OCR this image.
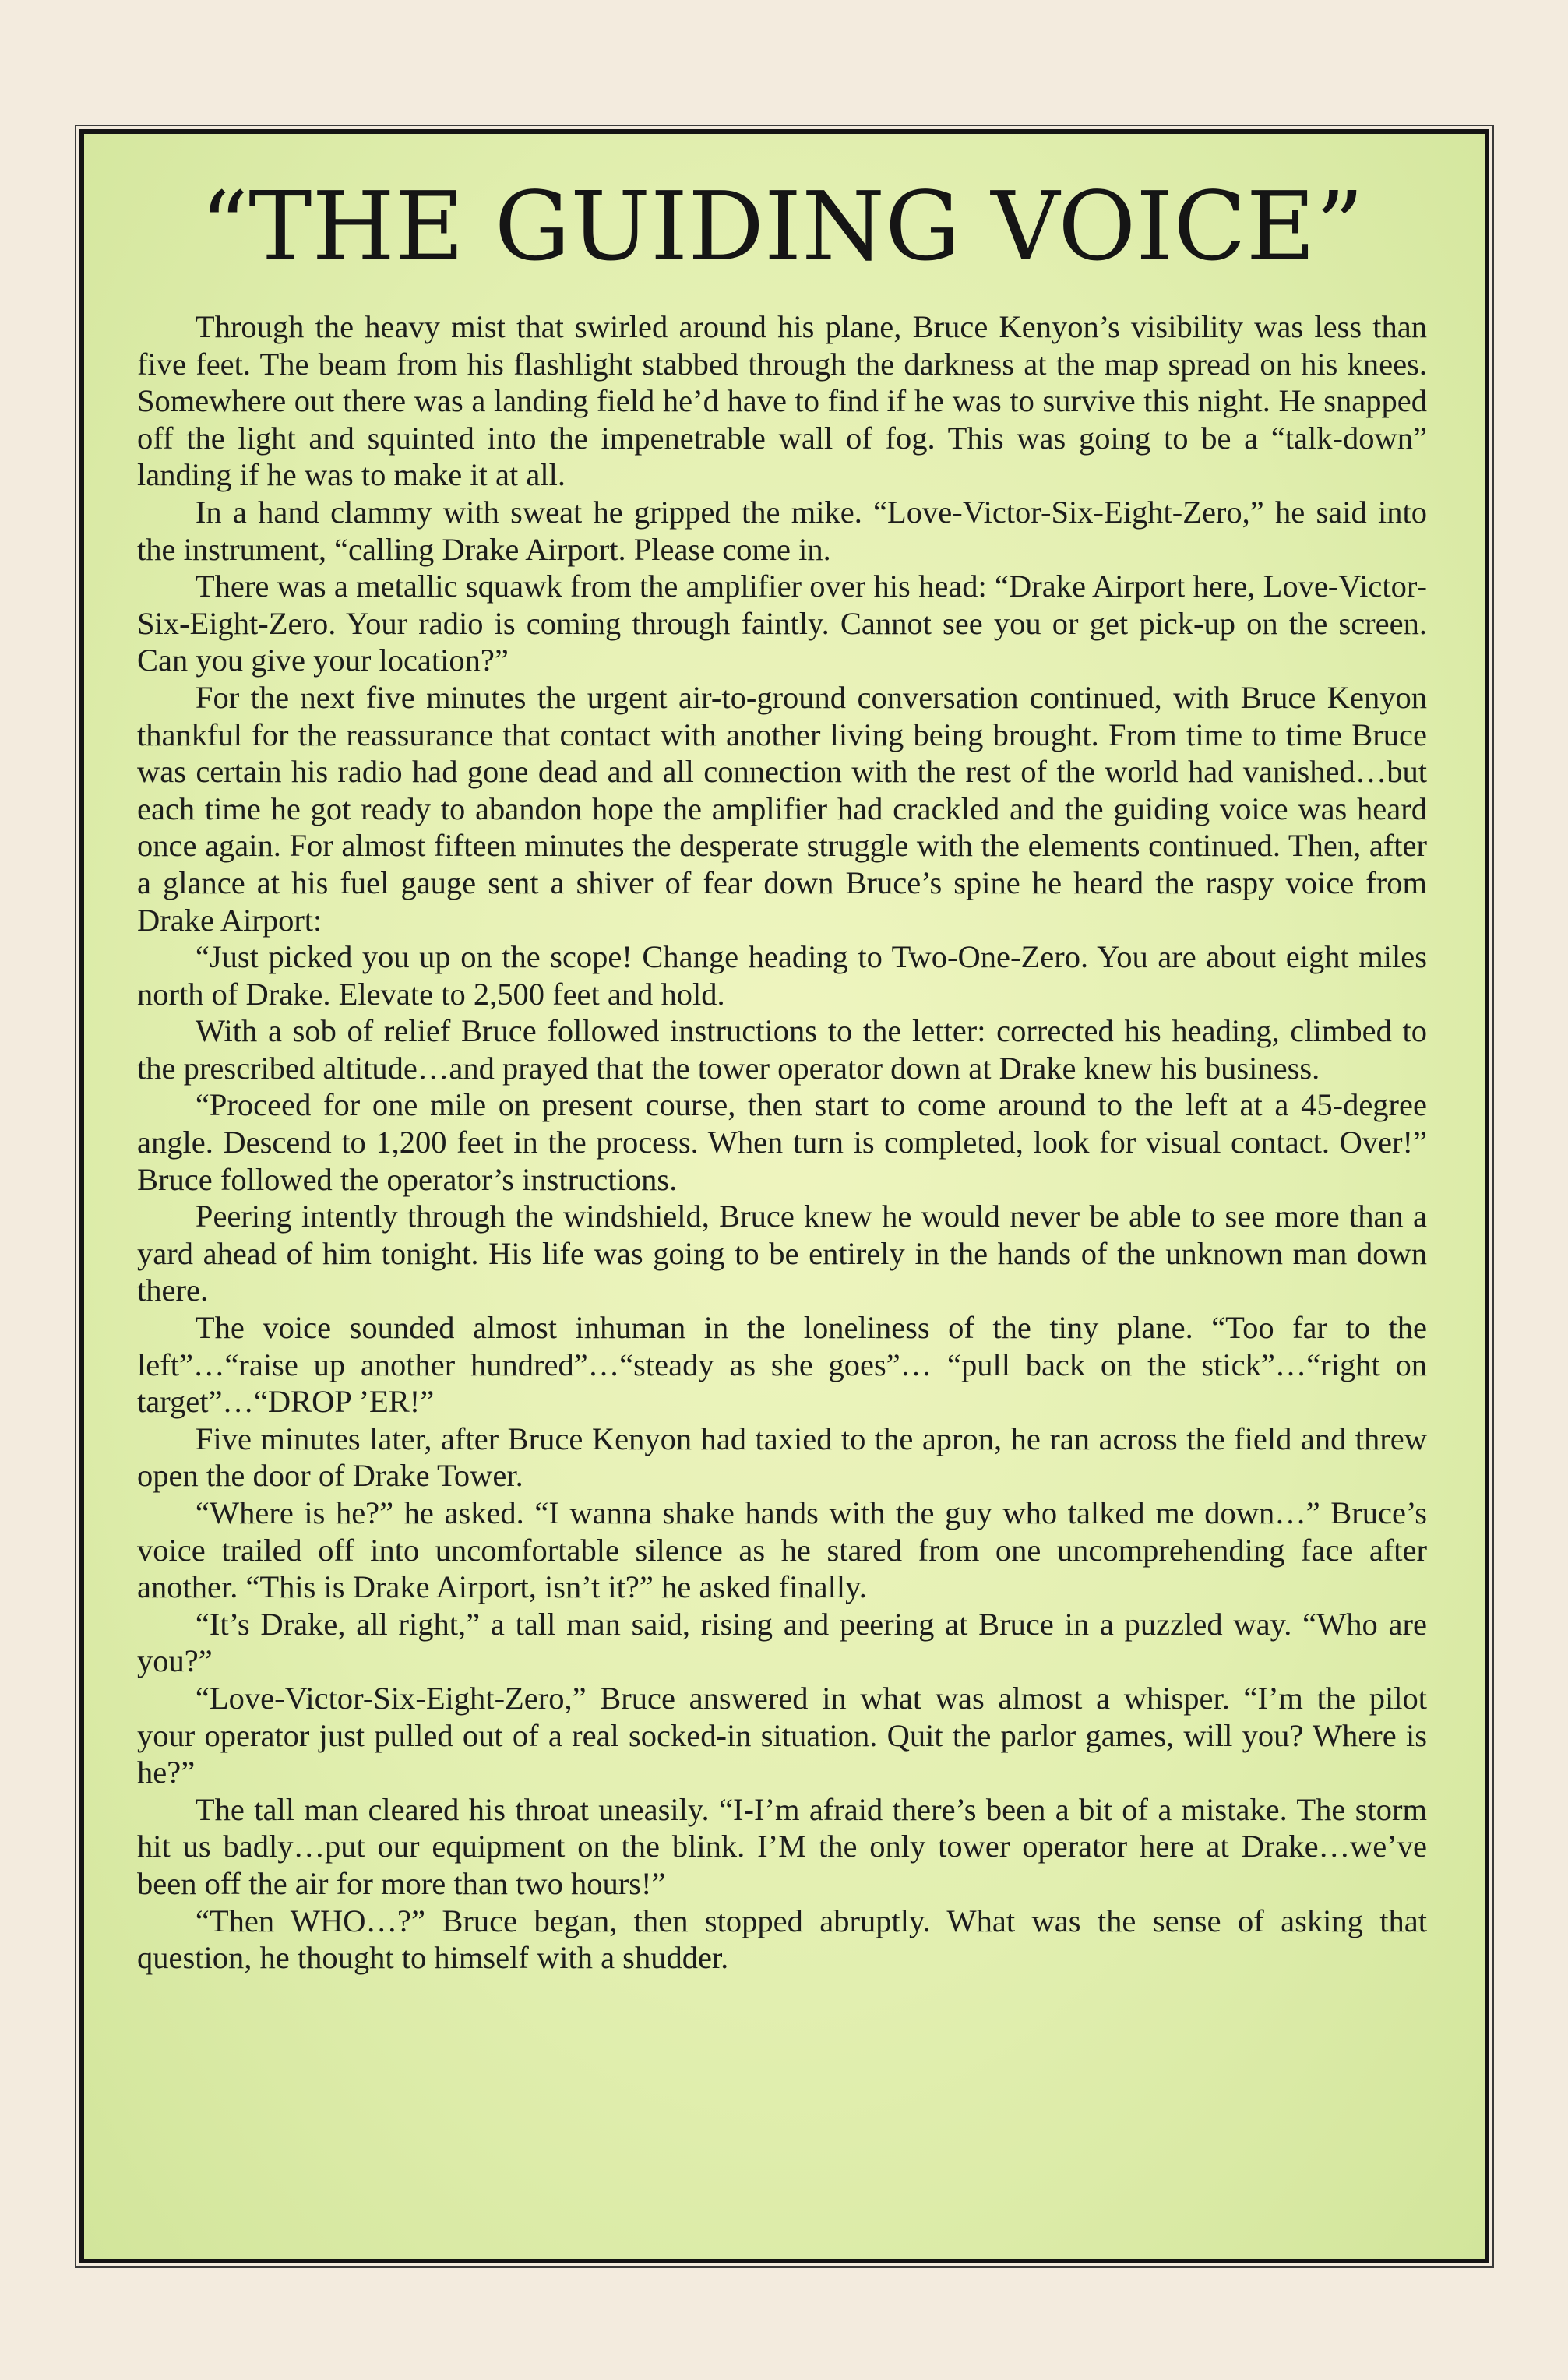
“THE GUIDING VOICE”

Through the heavy mist that swirled around his plane, Bruce Kenyon’s visibility was less than five feet. The beam from his flashlight stabbed through the darkness at the map spread on his knees. Somewhere out there was a landing field he’d have to find if he was to survive this night. He snapped off the light and squinted into the impenetrable wall of fog. This was going to be a “talk-down” landing if he was to make it at all.

In a hand clammy with sweat he gripped the mike. “Love-Victor-Six-Eight-Zero,” he said into the instrument, “calling Drake Airport. Please come in.

There was a metallic squawk from the amplifier over his head: “Drake Airport here, Love-Victor-Six-Eight-Zero. Your radio is coming through faintly. Cannot see you or get pick-up on the screen. Can you give your location?”

For the next five minutes the urgent air-to-ground conversation continued, with Bruce Kenyon thankful for the reassurance that contact with another living being brought. From time to time Bruce was certain his radio had gone dead and all connection with the rest of the world had vanished…but each time he got ready to abandon hope the amplifier had crackled and the guiding voice was heard once again. For almost fifteen minutes the desperate struggle with the elements continued. Then, after a glance at his fuel gauge sent a shiver of fear down Bruce’s spine he heard the raspy voice from Drake Airport:

“Just picked you up on the scope! Change heading to Two-One-Zero. You are about eight miles north of Drake. Elevate to 2,500 feet and hold.

With a sob of relief Bruce followed instructions to the letter: corrected his heading, climbed to the prescribed altitude…and prayed that the tower operator down at Drake knew his business.

“Proceed for one mile on present course, then start to come around to the left at a 45-degree angle. Descend to 1,200 feet in the process. When turn is completed, look for visual contact. Over!” Bruce followed the operator’s instructions.

Peering intently through the windshield, Bruce knew he would never be able to see more than a yard ahead of him tonight. His life was going to be entirely in the hands of the unknown man down there.

The voice sounded almost inhuman in the loneliness of the tiny plane. “Too far to the left”…“raise up another hundred”…“steady as she goes”… “pull back on the stick”…“right on target”…“DROP ’ER!”

Five minutes later, after Bruce Kenyon had taxied to the apron, he ran across the field and threw open the door of Drake Tower.

“Where is he?” he asked. “I wanna shake hands with the guy who talked me down…” Bruce’s voice trailed off into uncomfortable silence as he stared from one uncomprehending face after another. “This is Drake Airport, isn’t it?” he asked finally.

“It’s Drake, all right,” a tall man said, rising and peering at Bruce in a puzzled way. “Who are you?”

“Love-Victor-Six-Eight-Zero,” Bruce answered in what was almost a whisper. “I’m the pilot your operator just pulled out of a real socked-in situation. Quit the parlor games, will you? Where is he?”

The tall man cleared his throat uneasily. “I-I’m afraid there’s been a bit of a mistake. The storm hit us badly…put our equipment on the blink. I’M the only tower operator here at Drake…we’ve been off the air for more than two hours!”

“Then WHO…?” Bruce began, then stopped abruptly. What was the sense of asking that question, he thought to himself with a shudder.
